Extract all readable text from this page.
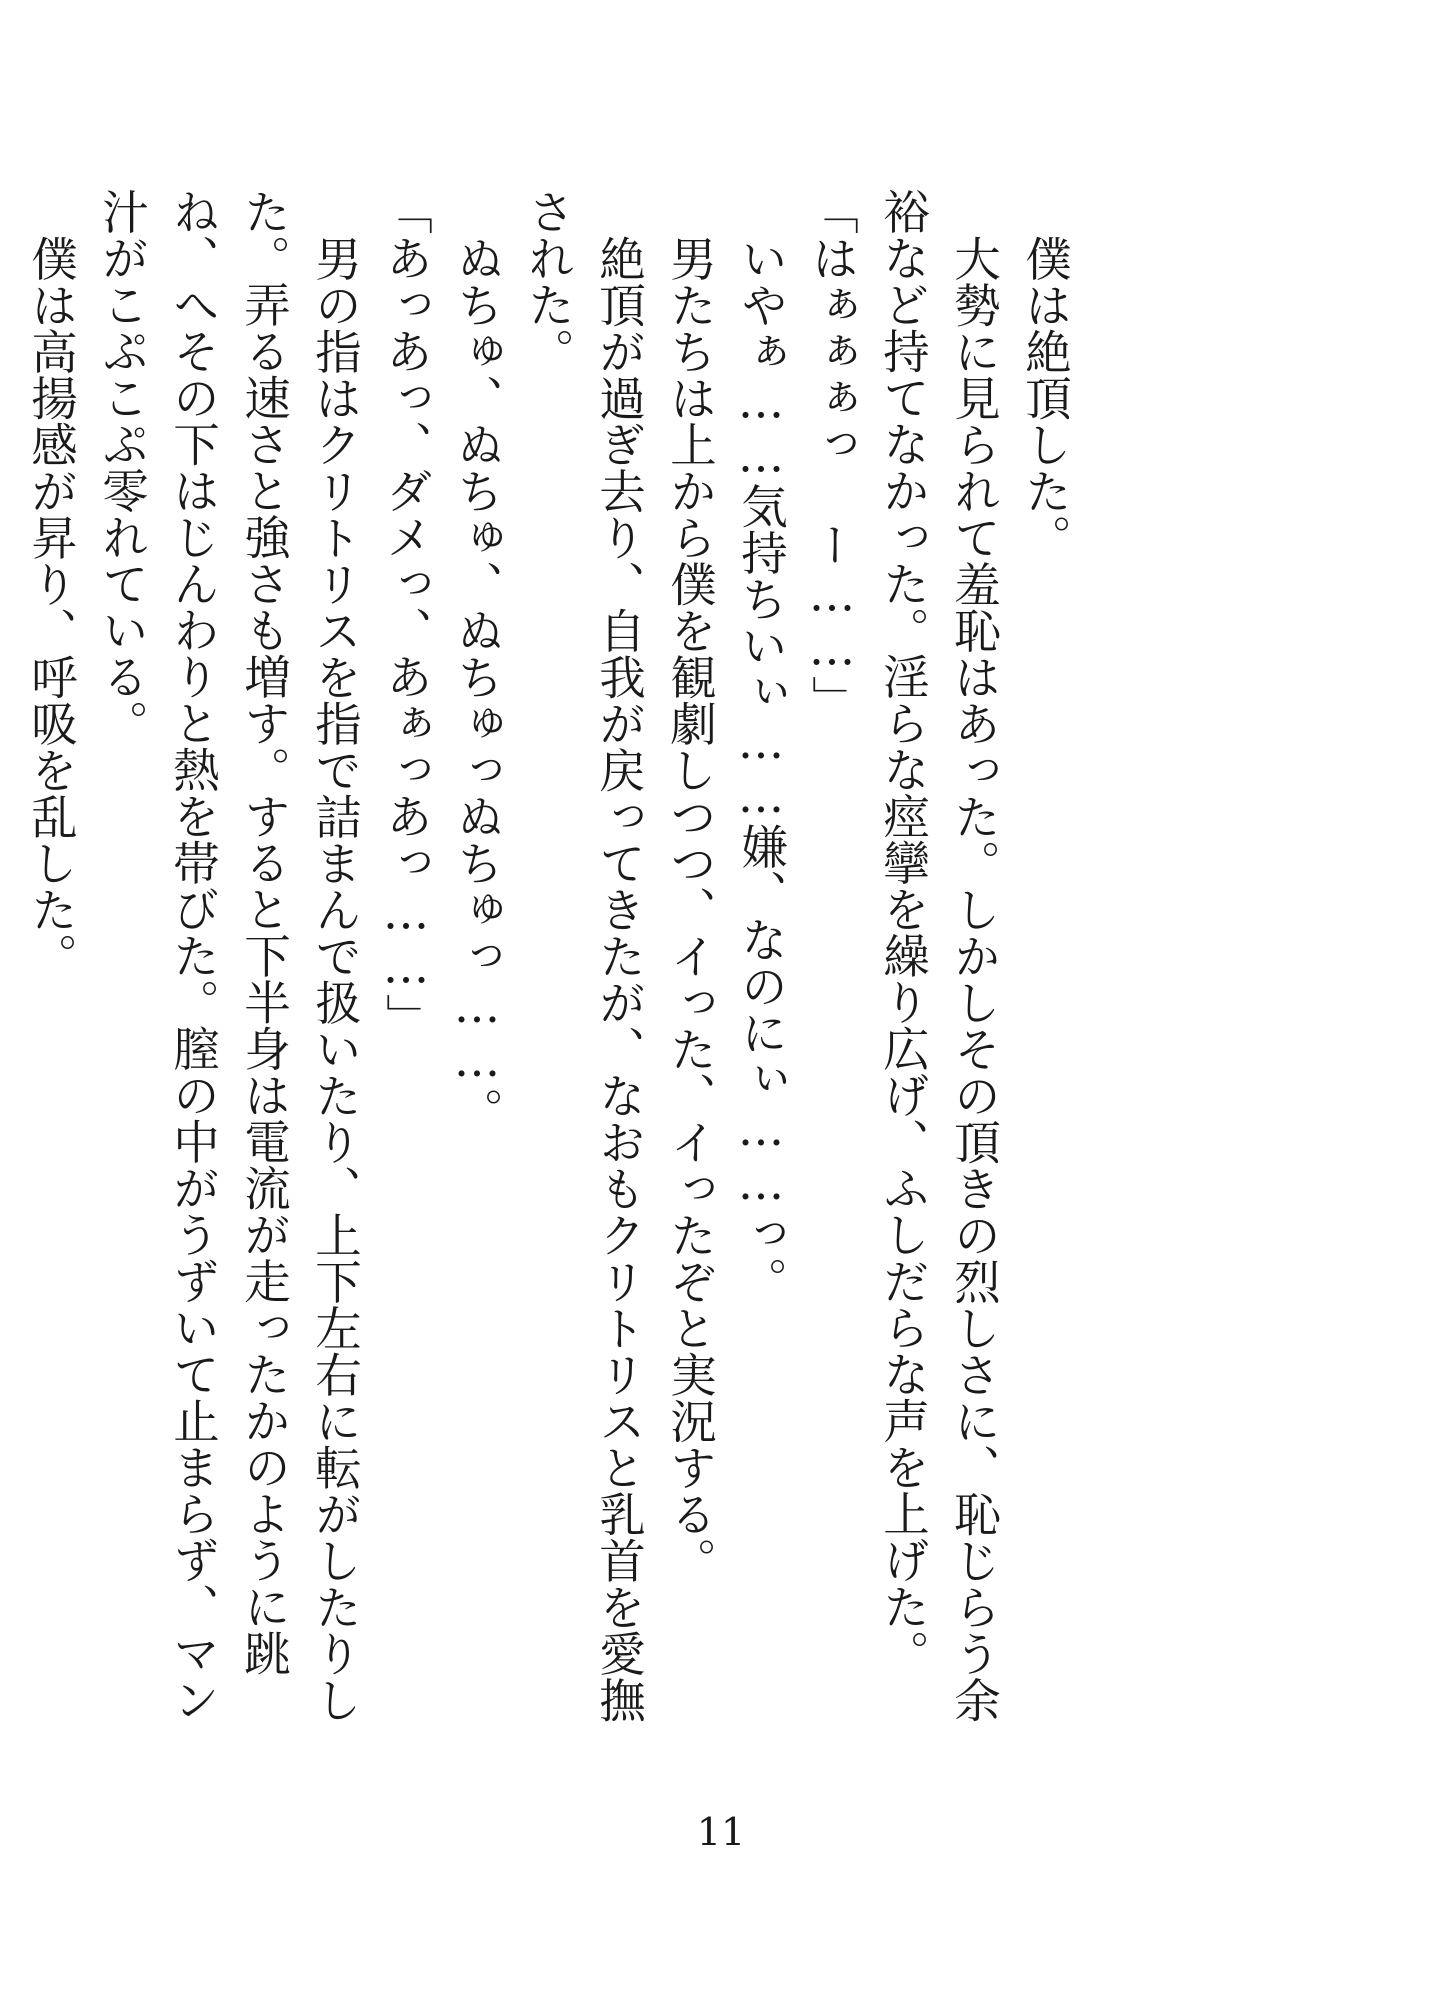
僕は絶頂した。

大勢に見られて羞恥はあった。しかしその頂きの烈しさに、恥じらう余裕など持てなかった。淫らな痙攣を繰り広げ、ふしだらな声を上げた。

「はぁぁぁっ ー……」

いやぁ……気持ちいぃ……嫌、なのにぃ……っ。

男たちは上から僕を観劇しつつ、イった、イったぞと実況する。

絶頂が過ぎ去り、自我が戻ってきたが、なおもクリトリスと乳首を愛撫された。

ぬちゅ、ぬちゅ、ぬちゅっぬちゅっ……。

「あっあっ、ダメっ、あぁっあっ……」

男の指はクリトリスを指で詰まんで扱いたり、上下左右に転がしたりした。弄る速さと強さも増す。すると下半身は電流が走ったかのように跳ね、へその下はじんわりと熱を帯びた。膣の中がうずいて止まらず、マン汁がこぷこぷ零れている。

僕は高揚感が昇り、呼吸を乱した。

11
